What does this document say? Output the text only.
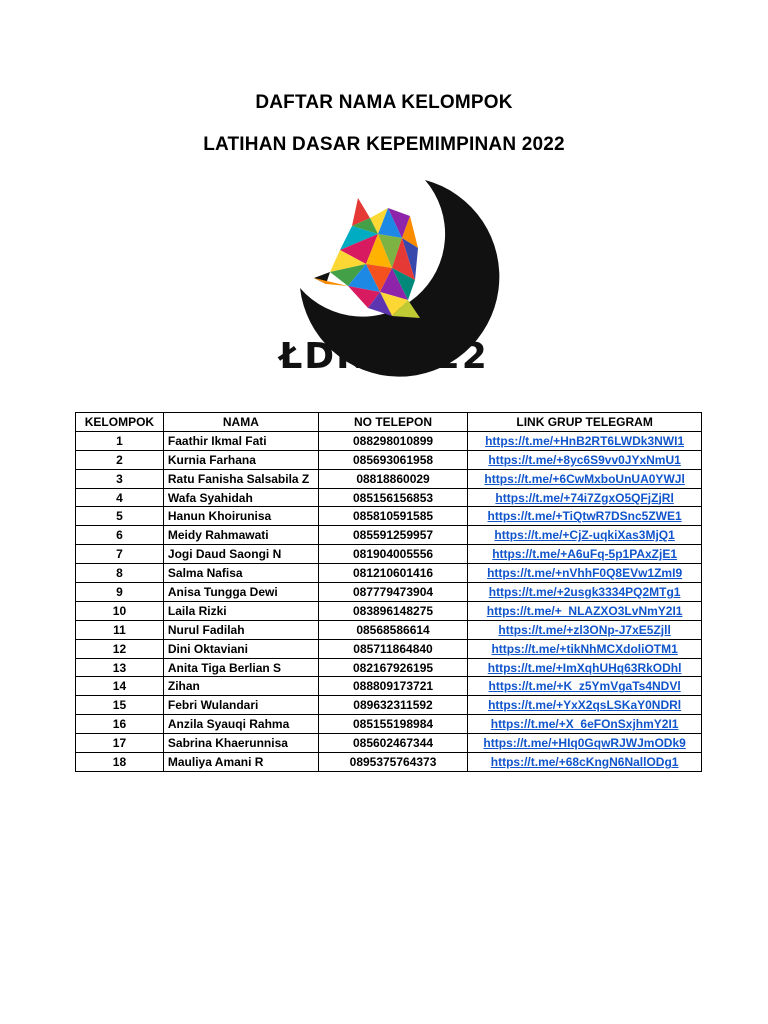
DAFTAR NAMA KELOMPOK
LATIHAN DASAR KEPEMIMPINAN 2022
ŁDK 2022
KELOMPOK	NAMA	NO TELEPON	LINK GRUP TELEGRAM
1	Faathir Ikmal Fati	088298010899	https://t.me/+HnB2RT6LWDk3NWI1
2	Kurnia Farhana	085693061958	https://t.me/+8yc6S9vv0JYxNmU1
3	Ratu Fanisha Salsabila Z	08818860029	https://t.me/+6CwMxboUnUA0YWJl
4	Wafa Syahidah	085156156853	https://t.me/+74i7ZgxO5QFjZjRl
5	Hanun Khoirunisa	085810591585	https://t.me/+TiQtwR7DSnc5ZWE1
6	Meidy Rahmawati	085591259957	https://t.me/+CjZ-uqkiXas3MjQ1
7	Jogi Daud Saongi N	081904005556	https://t.me/+A6uFq-5p1PAxZjE1
8	Salma Nafisa	081210601416	https://t.me/+nVhhF0Q8EVw1ZmI9
9	Anisa Tungga Dewi	087779473904	https://t.me/+2usgk3334PQ2MTg1
10	Laila Rizki	083896148275	https://t.me/+_NLAZXO3LvNmY2I1
11	Nurul Fadilah	08568586614	https://t.me/+zl3ONp-J7xE5Zjll
12	Dini Oktaviani	085711864840	https://t.me/+tikNhMCXdoliOTM1
13	Anita Tiga Berlian S	082167926195	https://t.me/+ImXqhUHq63RkODhl
14	Zihan	088809173721	https://t.me/+K_z5YmVgaTs4NDVl
15	Febri Wulandari	089632311592	https://t.me/+YxX2qsLSKaY0NDRl
16	Anzila Syauqi Rahma	085155198984	https://t.me/+X_6eFOnSxjhmY2I1
17	Sabrina Khaerunnisa	085602467344	https://t.me/+HIq0GqwRJWJmODk9
18	Mauliya Amani R	0895375764373	https://t.me/+68cKngN6NallODg1
